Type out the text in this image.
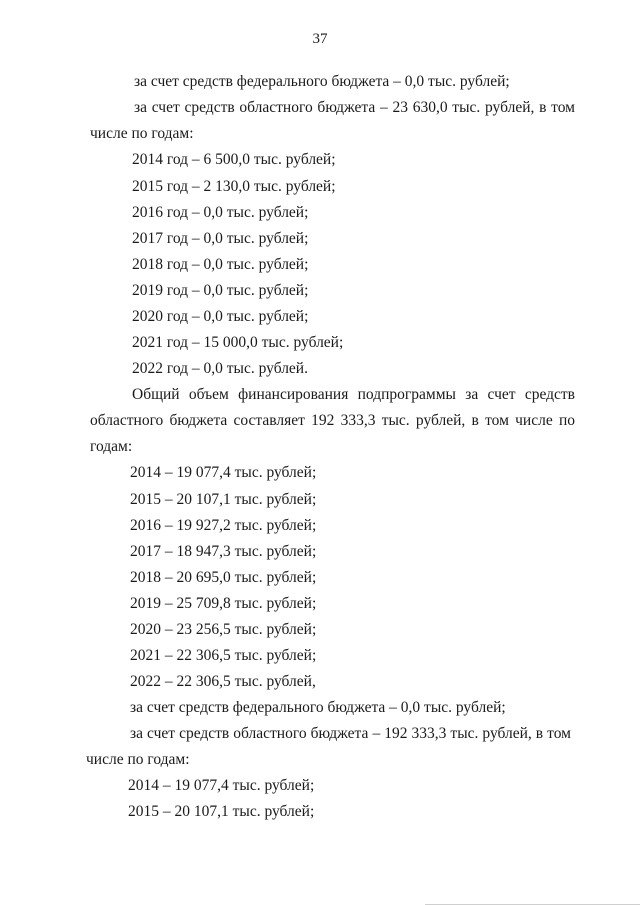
37
за счет средств федерального бюджета – 0,0 тыс. рублей;
за счет средств областного бюджета – 23 630,0 тыс. рублей, в том
числе по годам:
2014 год – 6 500,0 тыс. рублей;
2015 год – 2 130,0 тыс. рублей;
2016 год – 0,0 тыс. рублей;
2017 год – 0,0 тыс. рублей;
2018 год – 0,0 тыс. рублей;
2019 год – 0,0 тыс. рублей;
2020 год – 0,0 тыс. рублей;
2021 год – 15 000,0 тыс. рублей;
2022 год – 0,0 тыс. рублей.
Общий объем финансирования подпрограммы за счет средств
областного бюджета составляет 192 333,3 тыс. рублей, в том числе по
годам:
2014 – 19 077,4 тыс. рублей;
2015 – 20 107,1 тыс. рублей;
2016 – 19 927,2 тыс. рублей;
2017 – 18 947,3 тыс. рублей;
2018 – 20 695,0 тыс. рублей;
2019 – 25 709,8 тыс. рублей;
2020 – 23 256,5 тыс. рублей;
2021 – 22 306,5 тыс. рублей;
2022 – 22 306,5 тыс. рублей,
за счет средств федерального бюджета – 0,0 тыс. рублей;
за счет средств областного бюджета – 192 333,3 тыс. рублей, в том
числе по годам:
2014 – 19 077,4 тыс. рублей;
2015 – 20 107,1 тыс. рублей;
